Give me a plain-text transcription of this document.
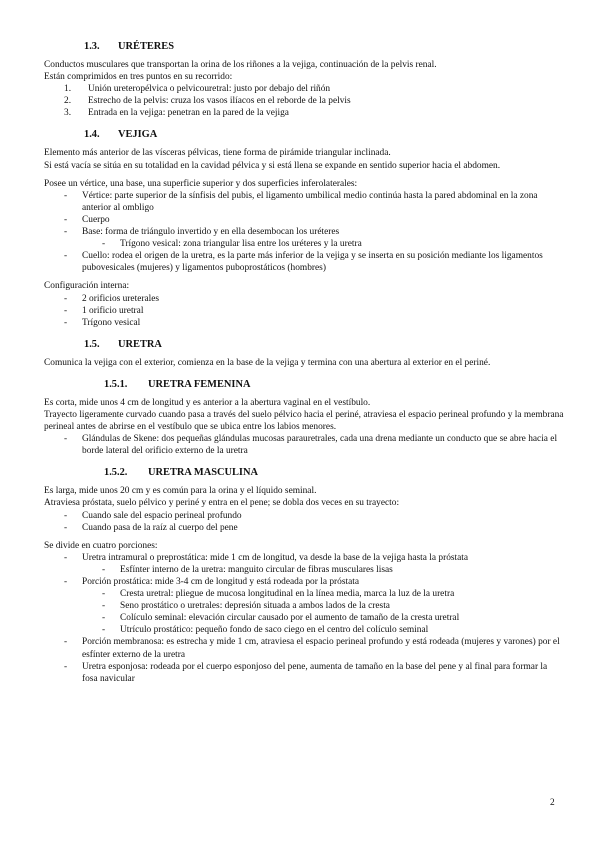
1.3.	URÉTERES

Conductos musculares que transportan la orina de los riñones a la vejiga, continuación de la pelvis renal.

Están comprimidos en tres puntos en su recorrido:

1. Unión ureteropélvica o pelvicouretral: justo por debajo del riñón
2. Estrecho de la pelvis: cruza los vasos ilíacos en el reborde de la pelvis
3. Entrada en la vejiga: penetran en la pared de la vejiga
1.4.	VEJIGA

Elemento más anterior de las vísceras pélvicas, tiene forma de pirámide triangular inclinada.

Si está vacía se sitúa en su totalidad en la cavidad pélvica y si está llena se expande en sentido superior hacia el abdomen.

Posee un vértice, una base, una superficie superior y dos superficies inferolaterales:

- Vértice: parte superior de la sínfisis del pubis, el ligamento umbilical medio continúa hasta la pared abdominal en la zona anterior al ombligo
- Cuerpo
- Base: forma de triángulo invertido y en ella desembocan los uréteres
- Trígono vesical: zona triangular lisa entre los uréteres y la uretra
- Cuello: rodea el origen de la uretra, es la parte más inferior de la vejiga y se inserta en su posición mediante los ligamentos pubovesicales (mujeres) y ligamentos puboprostáticos (hombres)

Configuración interna:

- 2 orificios ureterales
- 1 orificio uretral
- Trígono vesical
1.5.	URETRA

Comunica la vejiga con el exterior, comienza en la base de la vejiga y termina con una abertura al exterior en el periné.

1.5.1.	URETRA FEMENINA

Es corta, mide unos 4 cm de longitud y es anterior a la abertura vaginal en el vestíbulo.

Trayecto ligeramente curvado cuando pasa a través del suelo pélvico hacia el periné, atraviesa el espacio perineal profundo y la membrana perineal antes de abrirse en el vestíbulo que se ubica entre los labios menores.

- Glándulas de Skene: dos pequeñas glándulas mucosas parauretrales, cada una drena mediante un conducto que se abre hacia el borde lateral del orificio externo de la uretra
1.5.2.	URETRA MASCULINA

Es larga, mide unos 20 cm y es común para la orina y el líquido seminal.

Atraviesa próstata, suelo pélvico y periné y entra en el pene; se dobla dos veces en su trayecto:

- Cuando sale del espacio perineal profundo
- Cuando pasa de la raíz al cuerpo del pene

Se divide en cuatro porciones:

- Uretra intramural o preprostática: mide 1 cm de longitud, va desde la base de la vejiga hasta la próstata
- Esfínter interno de la uretra: manguito circular de fibras musculares lisas
- Porción prostática: mide 3-4 cm de longitud y está rodeada por la próstata
- Cresta uretral: pliegue de mucosa longitudinal en la línea media, marca la luz de la uretra
- Seno prostático o uretrales: depresión situada a ambos lados de la cresta
- Colículo seminal: elevación circular causado por el aumento de tamaño de la cresta uretral
- Utrículo prostático: pequeño fondo de saco ciego en el centro del colículo seminal
- Porción membranosa: es estrecha y mide 1 cm, atraviesa el espacio perineal profundo y está rodeada (mujeres y varones) por el esfínter externo de la uretra
- Uretra esponjosa: rodeada por el cuerpo esponjoso del pene, aumenta de tamaño en la base del pene y al final para formar la fosa navicular
2
